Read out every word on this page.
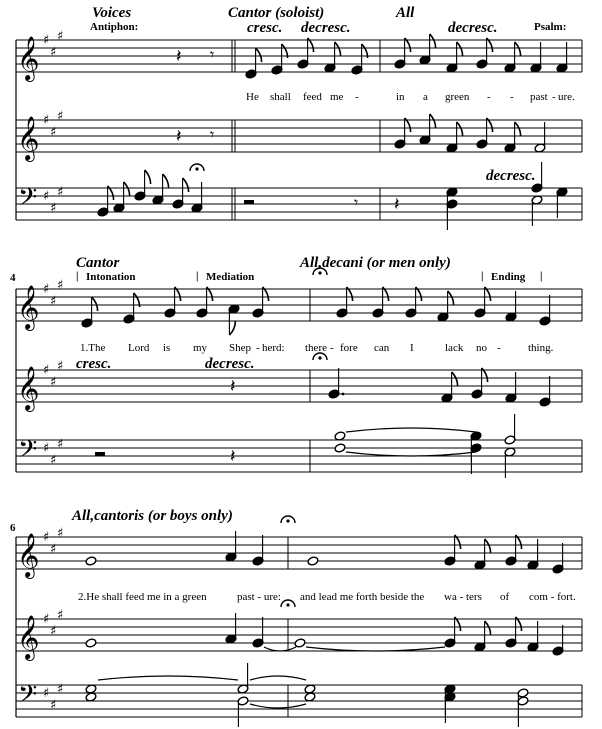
Voices	Cantor (soloist)	All
Antiphon:	cresc. decresc.	decresc.	Psalm:
decresc.
He shall feed me -	in a green - - past - ure.
4
Cantor	All,decani (or men only)
| Intonation	| Mediation	| Ending |
cresc.	decresc.
1.The Lord is my Shep - herd: there - fore can I	lack no - thing.
6
All,cantoris (or boys only)
2.He shall feed me in a green	past - ure: and lead me forth beside the wa - ters of com - fort.
𝄞 ♯
♯
♯
𝄞 ♯
♯
♯
𝄢 ♯
♯
♯
𝄽 𝄾
𝄽 𝄾
𝄾 𝄽
𝄞 ♯
♯
♯
𝄞 ♯
♯
♯
𝄢 ♯
♯
♯
𝄽
𝄽
𝄞 ♯
♯
♯
𝄞 ♯
♯
♯
𝄢 ♯
♯
♯
